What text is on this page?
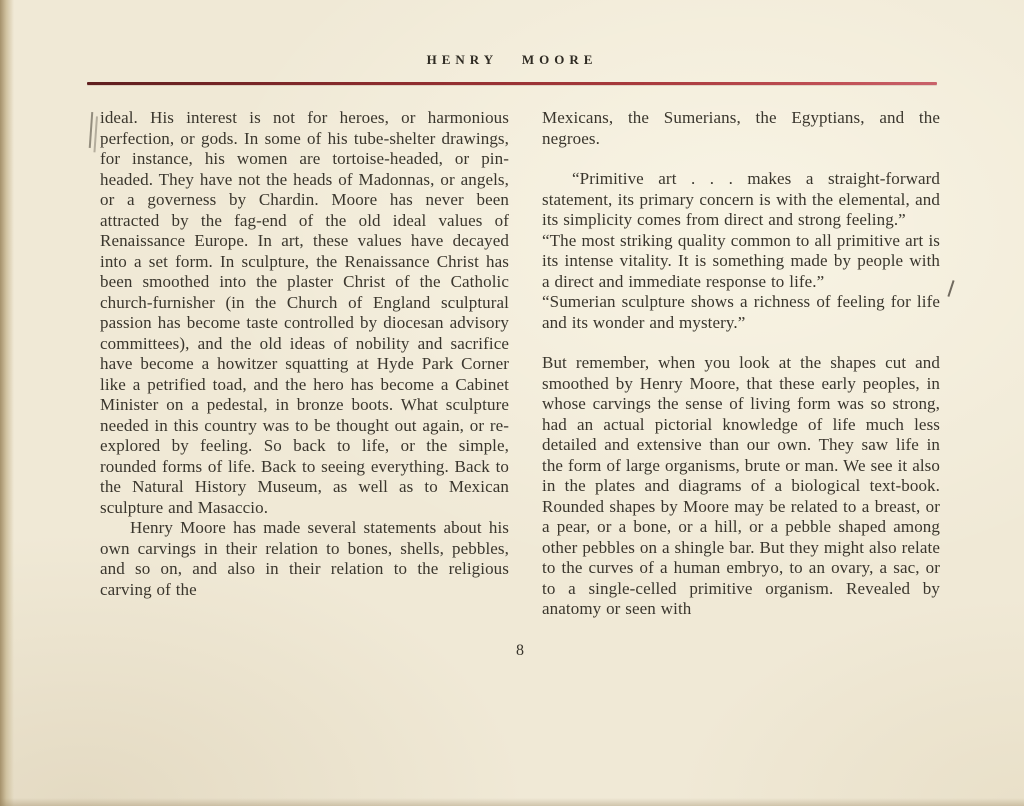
HENRY MOORE

ideal. His interest is not for heroes, or harmonious perfection, or gods. In some of his tube-shelter drawings, for instance, his women are tortoise-headed, or pin-headed. They have not the heads of Madonnas, or angels, or a governess by Chardin. Moore has never been attracted by the fag-end of the old ideal values of Renaissance Europe. In art, these values have decayed into a set form. In sculpture, the Renaissance Christ has been smoothed into the plaster Christ of the Catholic church-furnisher (in the Church of England sculptural passion has become taste controlled by diocesan advisory committees), and the old ideas of nobility and sacrifice have become a howitzer squatting at Hyde Park Corner like a petrified toad, and the hero has become a Cabinet Minister on a pedestal, in bronze boots. What sculpture needed in this country was to be thought out again, or re-explored by feeling. So back to life, or the simple, rounded forms of life. Back to seeing everything. Back to the Natural History Museum, as well as to Mexican sculpture and Masaccio.

Henry Moore has made several statements about his own carvings in their relation to bones, shells, pebbles, and so on, and also in their relation to the religious carving of the

Mexicans, the Sumerians, the Egyptians, and the negroes.

“Primitive art . . . makes a straight-forward statement, its primary concern is with the elemental, and its simplicity comes from direct and strong feeling.”

“The most striking quality common to all primitive art is its intense vitality. It is something made by people with a direct and immediate response to life.”

“Sumerian sculpture shows a richness of feeling for life and its wonder and mystery.”

But remember, when you look at the shapes cut and smoothed by Henry Moore, that these early peoples, in whose carvings the sense of living form was so strong, had an actual pictorial knowledge of life much less detailed and extensive than our own. They saw life in the form of large organisms, brute or man. We see it also in the plates and diagrams of a biological text-book. Rounded shapes by Moore may be related to a breast, or a pear, or a bone, or a hill, or a pebble shaped among other pebbles on a shingle bar. But they might also relate to the curves of a human embryo, to an ovary, a sac, or to a single-celled primitive organism. Revealed by anatomy or seen with

8
